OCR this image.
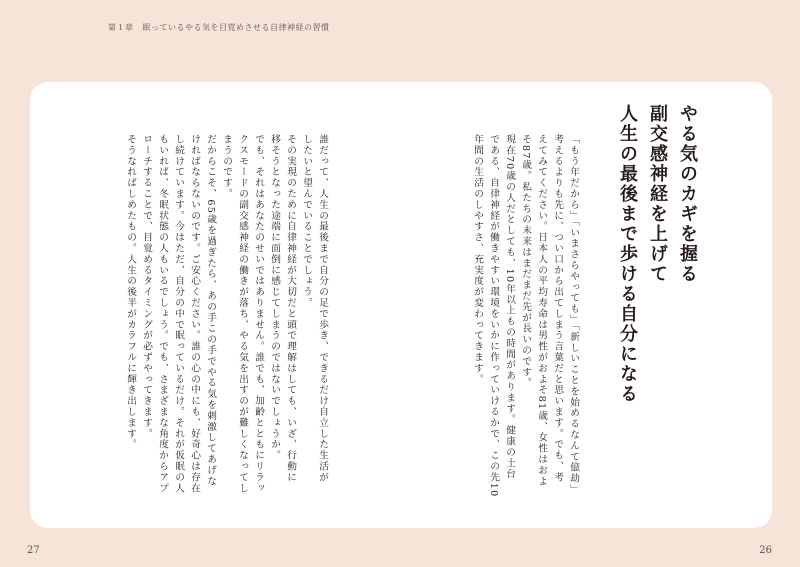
第１章 眠っているやる気を目覚めさせる自律神経の習慣
やる気のカギを握る
副交感神経を上げて
人生の最後まで歩ける自分になる
「もう年だから」「いまさらやっても」「新しいことを始めるなんて億劫」
考えるよりも先に、つい口から出てしまう言葉だと思います。でも、考
えてみてください。日本人の平均寿命は男性がおよそ81歳、女性はおよ
そ87歳。私たちの未来はまだまだ先が長いのです。
現在70歳の人だとしても、10年以上もの時間があります。健康の土台
である、自律神経が働きやすい環境をいかに作っていけるかで、この先10
年間の生活のしやすさ、充実度が変わってきます。
誰だって、人生の最後まで自分の足で歩き、できるだけ自立した生活が
したいと望んでいることでしょう。
その実現のために自律神経が大切だと頭で理解はしても、いざ、行動に
移そうとなった途端に面倒に感じてしまうのではないでしょうか。
でも、それはあなたのせいではありません。誰でも、加齢とともにリラッ
クスモードの副交感神経の働きが落ち、やる気を出すのが難しくなってし
まうのです。
だからこそ、65歳を過ぎたら、あの手この手でやる気を刺激してあげな
ければならないのです。ご安心ください。誰の心の中にも、好奇心は存在
し続けています。今はただ、自分の中で眠っているだけ。それが仮眠の人
もいれば、冬眠状態の人もいるでしょう。でも、さまざまな角度からアプ
ローチすることで、目覚めるタイミングが必ずやってきます。
そうなればしめたもの。人生の後半がカラフルに輝き出します。
27	26
